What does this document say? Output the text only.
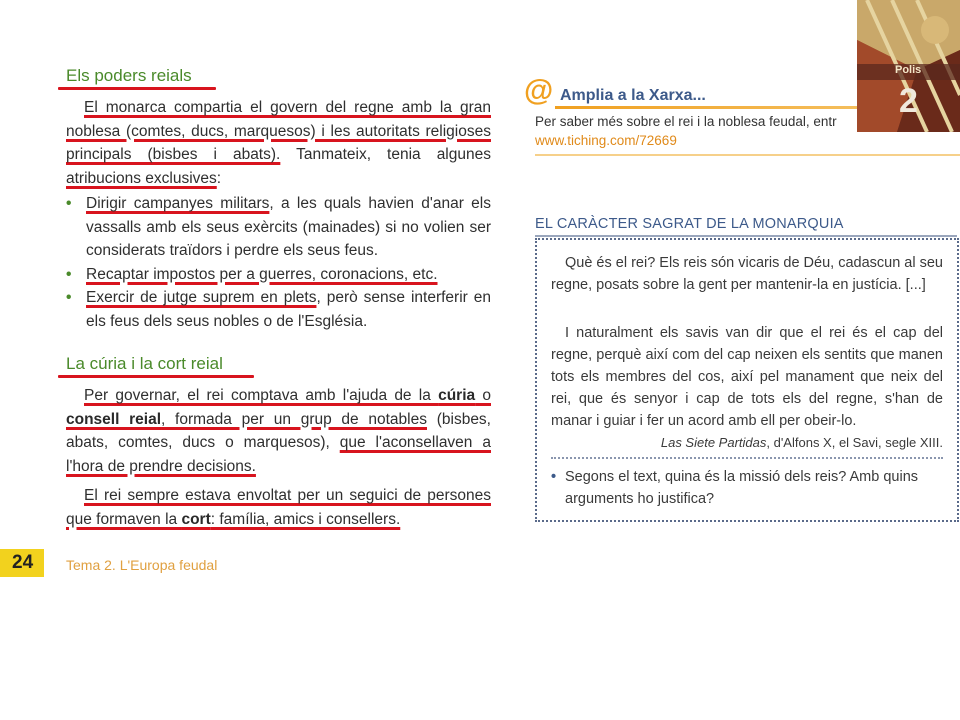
Els poders reials
El monarca compartia el govern del regne amb la gran noblesa (comtes, ducs, marquesos) i les autoritats religioses principals (bisbes i abats). Tanmateix, tenia algunes atribucions exclusives:
• Dirigir campanyes militars, a les quals havien d'anar els vassalls amb els seus exèrcits (mainades) si no volien ser considerats traïdors i perdre els seus feus.
• Recaptar impostos per a guerres, coronacions, etc.
• Exercir de jutge suprem en plets, però sense interferir en els feus dels seus nobles o de l'Església.
La cúria i la cort reial
Per governar, el rei comptava amb l'ajuda de la cúria o consell reial, formada per un grup de notables (bisbes, abats, comtes, ducs o marquesos), que l'aconsellaven a l'hora de prendre decisions.
El rei sempre estava envoltat per un seguici de persones que formaven la cort: família, amics i consellers.
24 Tema 2. L'Europa feudal
@ Amplia a la Xarxa...
Per saber més sobre el rei i la noblesa feudal, entr
www.tiching.com/72669
Polis
2
EL CARÀCTER SAGRAT DE LA MONARQUIA
Què és el rei? Els reis són vicaris de Déu, cadascun al seu regne, posats sobre la gent per mantenir-la en justícia. [...]
I naturalment els savis van dir que el rei és el cap del regne, perquè així com del cap neixen els sentits que manen tots els membres del cos, així pel manament que neix del rei, que és senyor i cap de tots els del regne, s'han de manar i guiar i fer un acord amb ell per obeir-lo.
Las Siete Partidas, d'Alfons X, el Savi, segle XIII.
• Segons el text, quina és la missió dels reis? Amb quins arguments ho justifica?
